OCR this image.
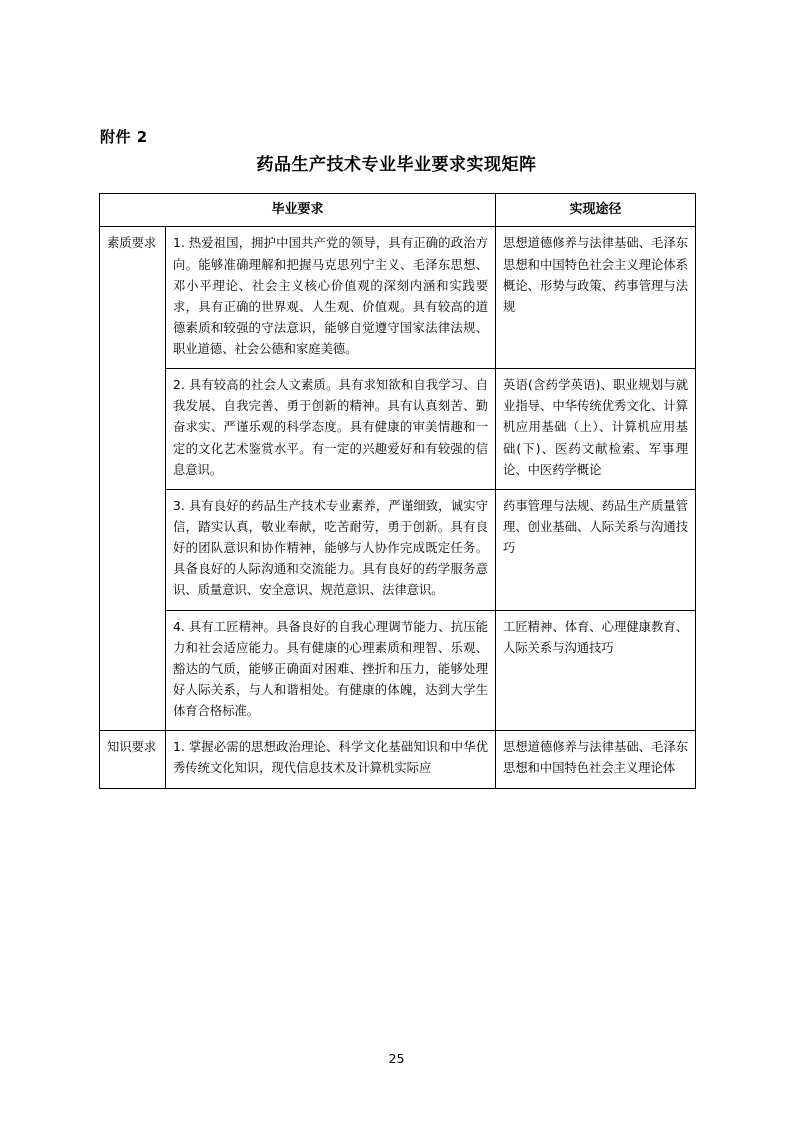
附件 2
药品生产技术专业毕业要求实现矩阵
毕业要求		实现途径
素质要求	1. 热爱祖国，拥护中国共产党的领导，具有正确的政治方向。能够准确理解和把握马克思列宁主义、毛泽东思想、邓小平理论、社会主义核心价值观的深刻内涵和实践要求，具有正确的世界观、人生观、价值观。具有较高的道德素质和较强的守法意识，能够自觉遵守国家法律法规、职业道德、社会公德和家庭美德。	思想道德修养与法律基础、毛泽东思想和中国特色社会主义理论体系概论、形势与政策、药事管理与法规
	2. 具有较高的社会人文素质。具有求知欲和自我学习、自我发展、自我完善、勇于创新的精神。具有认真刻苦、勤奋求实、严谨乐观的科学态度。具有健康的审美情趣和一定的文化艺术鉴赏水平。有一定的兴趣爱好和有较强的信息意识。	英语(含药学英语)、职业规划与就业指导、中华传统优秀文化、计算机应用基础（上）、计算机应用基础(下)、医药文献检索、军事理论、中医药学概论
	3. 具有良好的药品生产技术专业素养，严谨细致，诚实守信，踏实认真，敬业奉献，吃苦耐劳，勇于创新。具有良好的团队意识和协作精神，能够与人协作完成既定任务。具备良好的人际沟通和交流能力。具有良好的药学服务意识、质量意识、安全意识、规范意识、法律意识。	药事管理与法规、药品生产质量管理、创业基础、人际关系与沟通技巧
	4. 具有工匠精神。具备良好的自我心理调节能力、抗压能力和社会适应能力。具有健康的心理素质和理智、乐观、豁达的气质，能够正确面对困难、挫折和压力，能够处理好人际关系，与人和谐相处。有健康的体魄，达到大学生体育合格标准。	工匠精神、体育、心理健康教育、人际关系与沟通技巧
知识要求	1. 掌握必需的思想政治理论、科学文化基础知识和中华优秀传统文化知识，现代信息技术及计算机实际应	思想道德修养与法律基础、毛泽东思想和中国特色社会主义理论体
25
